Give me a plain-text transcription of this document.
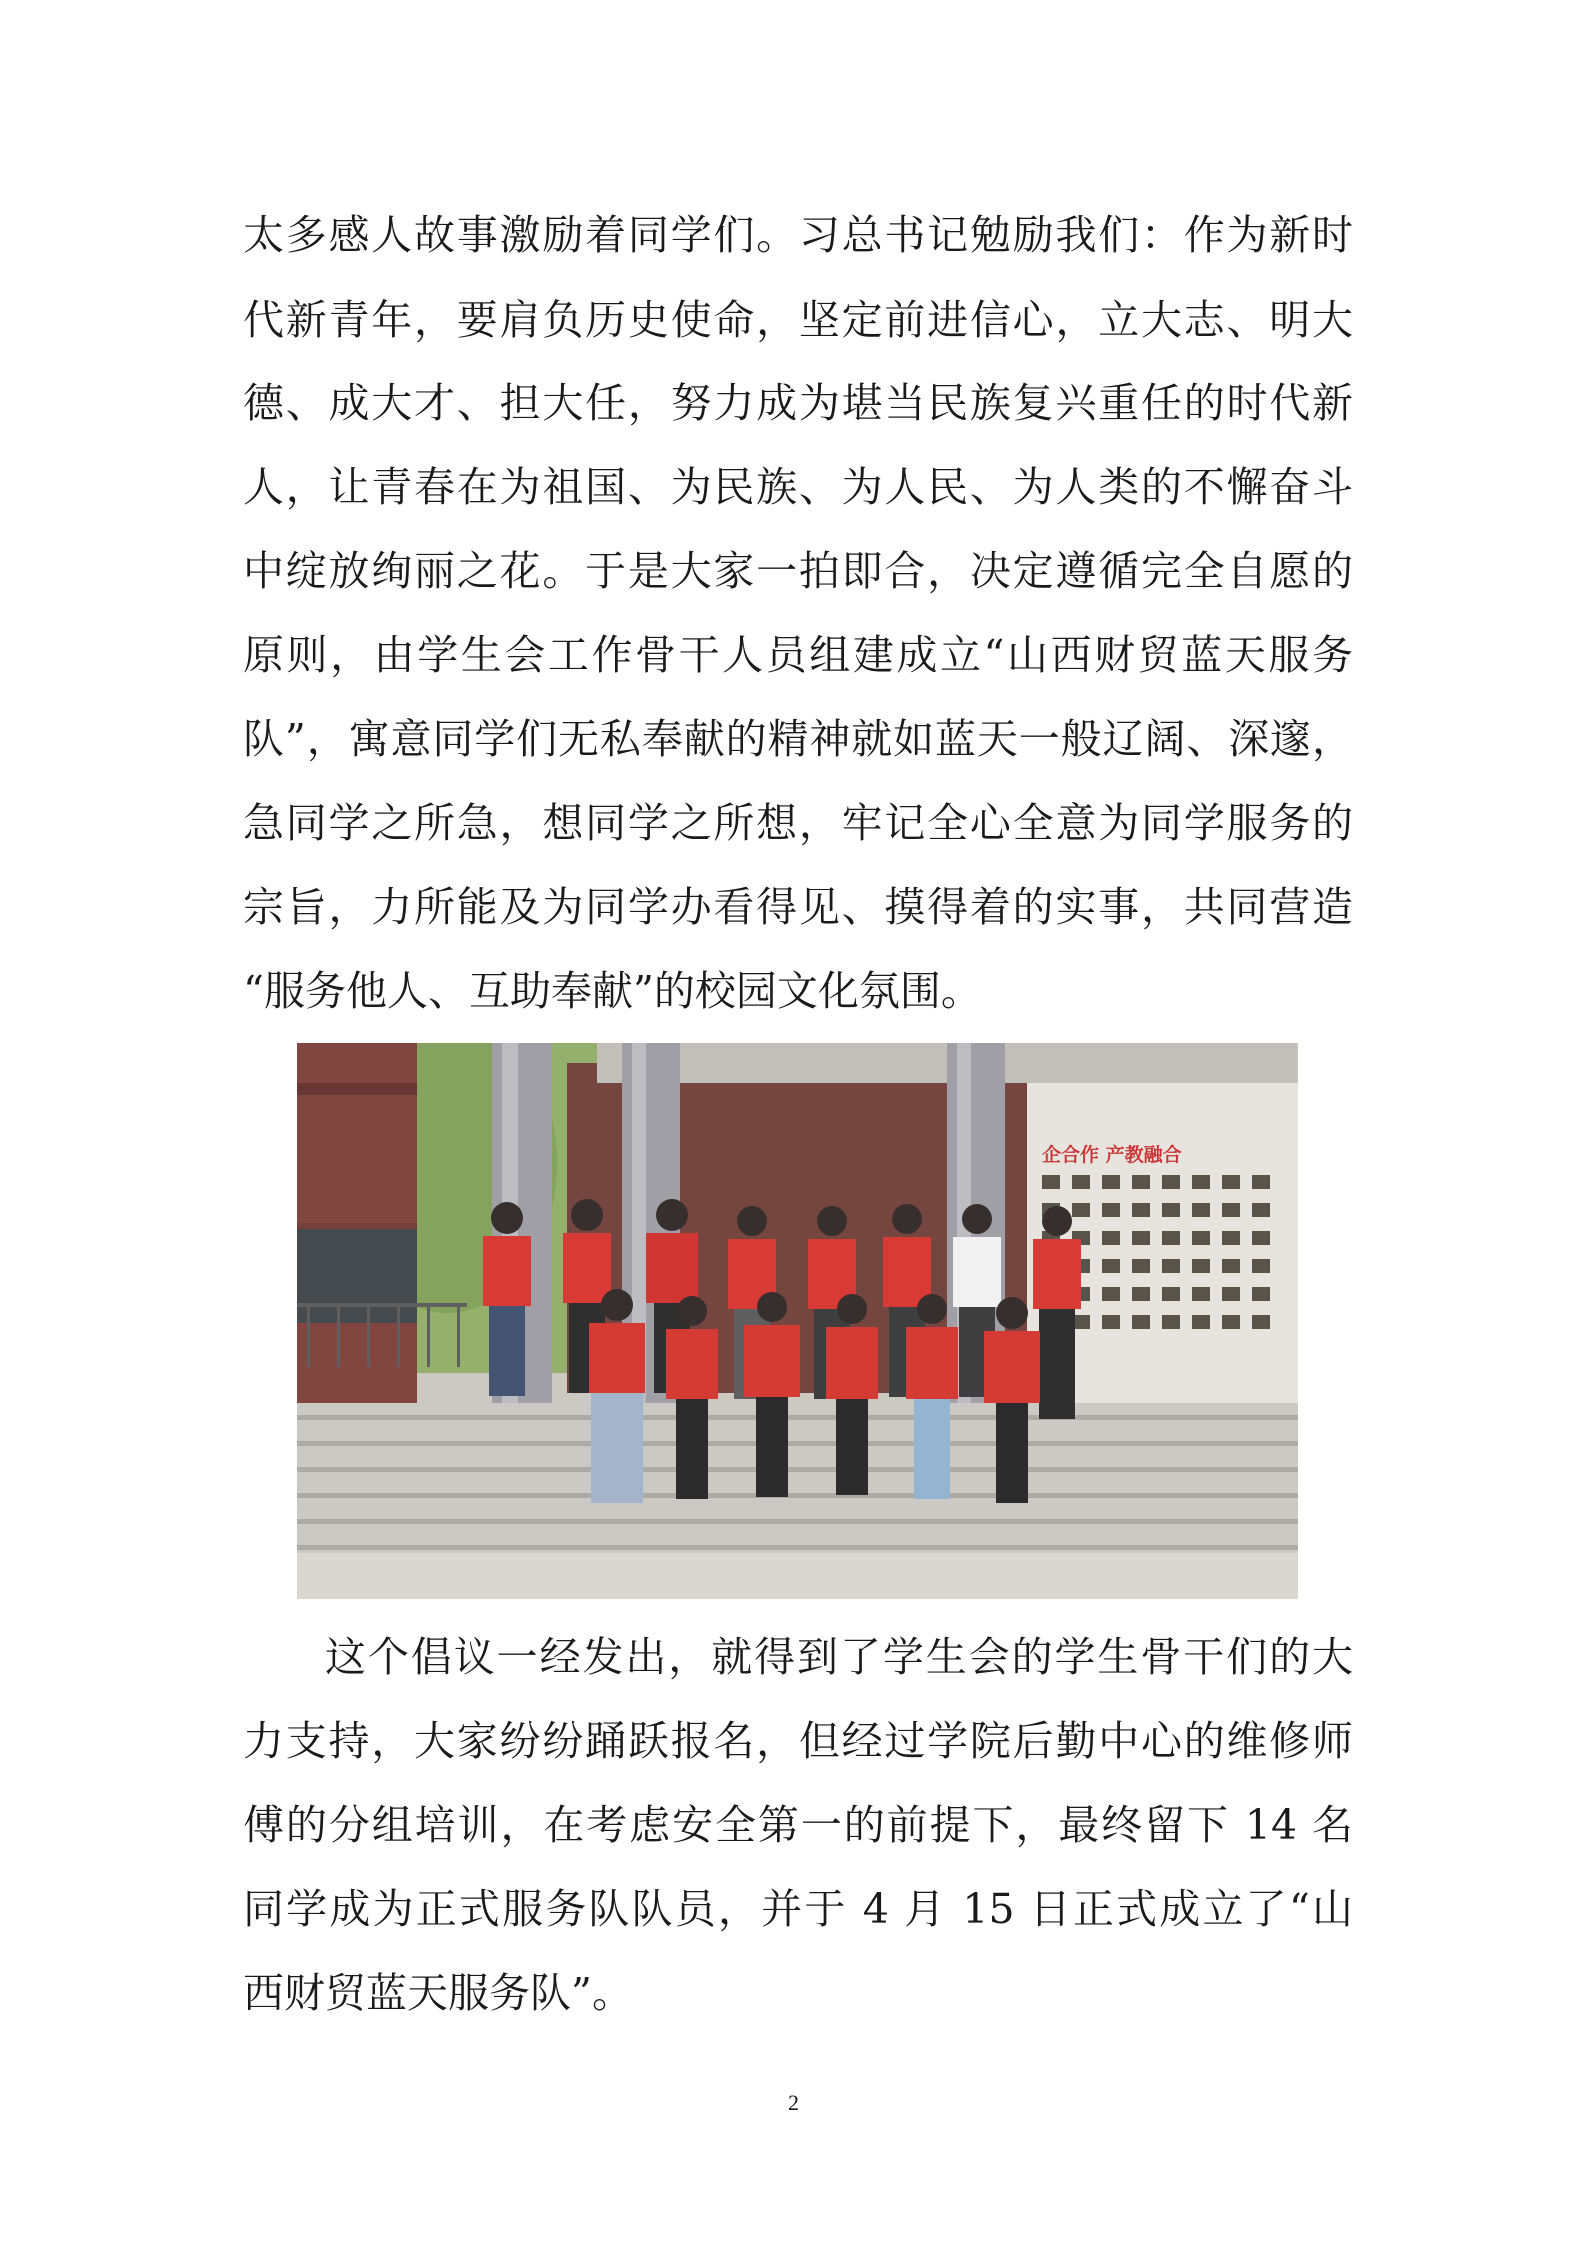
太多感人故事激励着同学们。习总书记勉励我们：作为新时
代新青年，要肩负历史使命，坚定前进信心，立大志、明大
德、成大才、担大任，努力成为堪当民族复兴重任的时代新
人，让青春在为祖国、为民族、为人民、为人类的不懈奋斗
中绽放绚丽之花。于是大家一拍即合，决定遵循完全自愿的
原则，由学生会工作骨干人员组建成立“山西财贸蓝天服务
队”，寓意同学们无私奉献的精神就如蓝天一般辽阔、深邃，
急同学之所急，想同学之所想，牢记全心全意为同学服务的
宗旨，力所能及为同学办看得见、摸得着的实事，共同营造
“服务他人、互助奉献”的校园文化氛围。
企合作 产教融合
这个倡议一经发出，就得到了学生会的学生骨干们的大
力支持，大家纷纷踊跃报名，但经过学院后勤中心的维修师
傅的分组培训，在考虑安全第一的前提下，最终留下 14 名
同学成为正式服务队队员，并于 4 月 15 日正式成立了“山
西财贸蓝天服务队”。
2
